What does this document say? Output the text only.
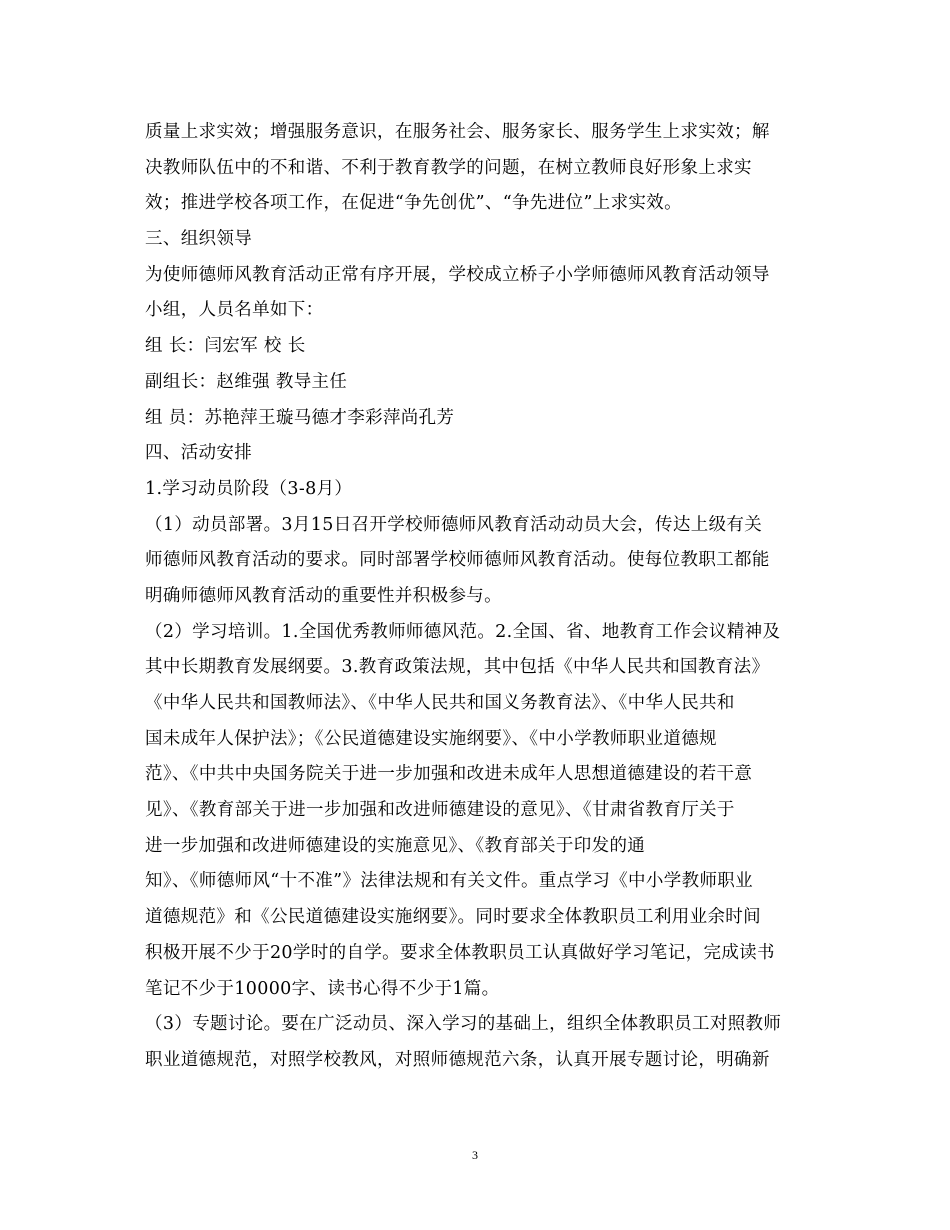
质量上求实效；增强服务意识，在服务社会、服务家长、服务学生上求实效；解
决教师队伍中的不和谐、不利于教育教学的问题，在树立教师良好形象上求实
效；推进学校各项工作，在促进“争先创优”、“争先进位”上求实效。
三、组织领导
为使师德师风教育活动正常有序开展，学校成立桥子小学师德师风教育活动领导
小组，人员名单如下：
组 长：闫宏军 校 长
副组长：赵维强 教导主任
组 员：苏艳萍王璇马德才李彩萍尚孔芳
四、活动安排
1.学习动员阶段（3-8月）
（1）动员部署。3月15日召开学校师德师风教育活动动员大会，传达上级有关
师德师风教育活动的要求。同时部署学校师德师风教育活动。使每位教职工都能
明确师德师风教育活动的重要性并积极参与。
（2）学习培训。1.全国优秀教师师德风范。2.全国、省、地教育工作会议精神及
其中长期教育发展纲要。3.教育政策法规，其中包括《中华人民共和国教育法》
《中华人民共和国教师法》、《中华人民共和国义务教育法》、《中华人民共和
国未成年人保护法》；《公民道德建设实施纲要》、《中小学教师职业道德规
范》、《中共中央国务院关于进一步加强和改进未成年人思想道德建设的若干意
见》、《教育部关于进一步加强和改进师德建设的意见》、《甘肃省教育厅关于
进一步加强和改进师德建设的实施意见》、《教育部关于印发的通
知》、《师德师风“十不准”》法律法规和有关文件。重点学习《中小学教师职业
道德规范》和《公民道德建设实施纲要》。同时要求全体教职员工利用业余时间
积极开展不少于20学时的自学。要求全体教职员工认真做好学习笔记，完成读书
笔记不少于10000字、读书心得不少于1篇。
（3）专题讨论。要在广泛动员、深入学习的基础上，组织全体教职员工对照教师
职业道德规范，对照学校教风，对照师德规范六条，认真开展专题讨论，明确新
3
